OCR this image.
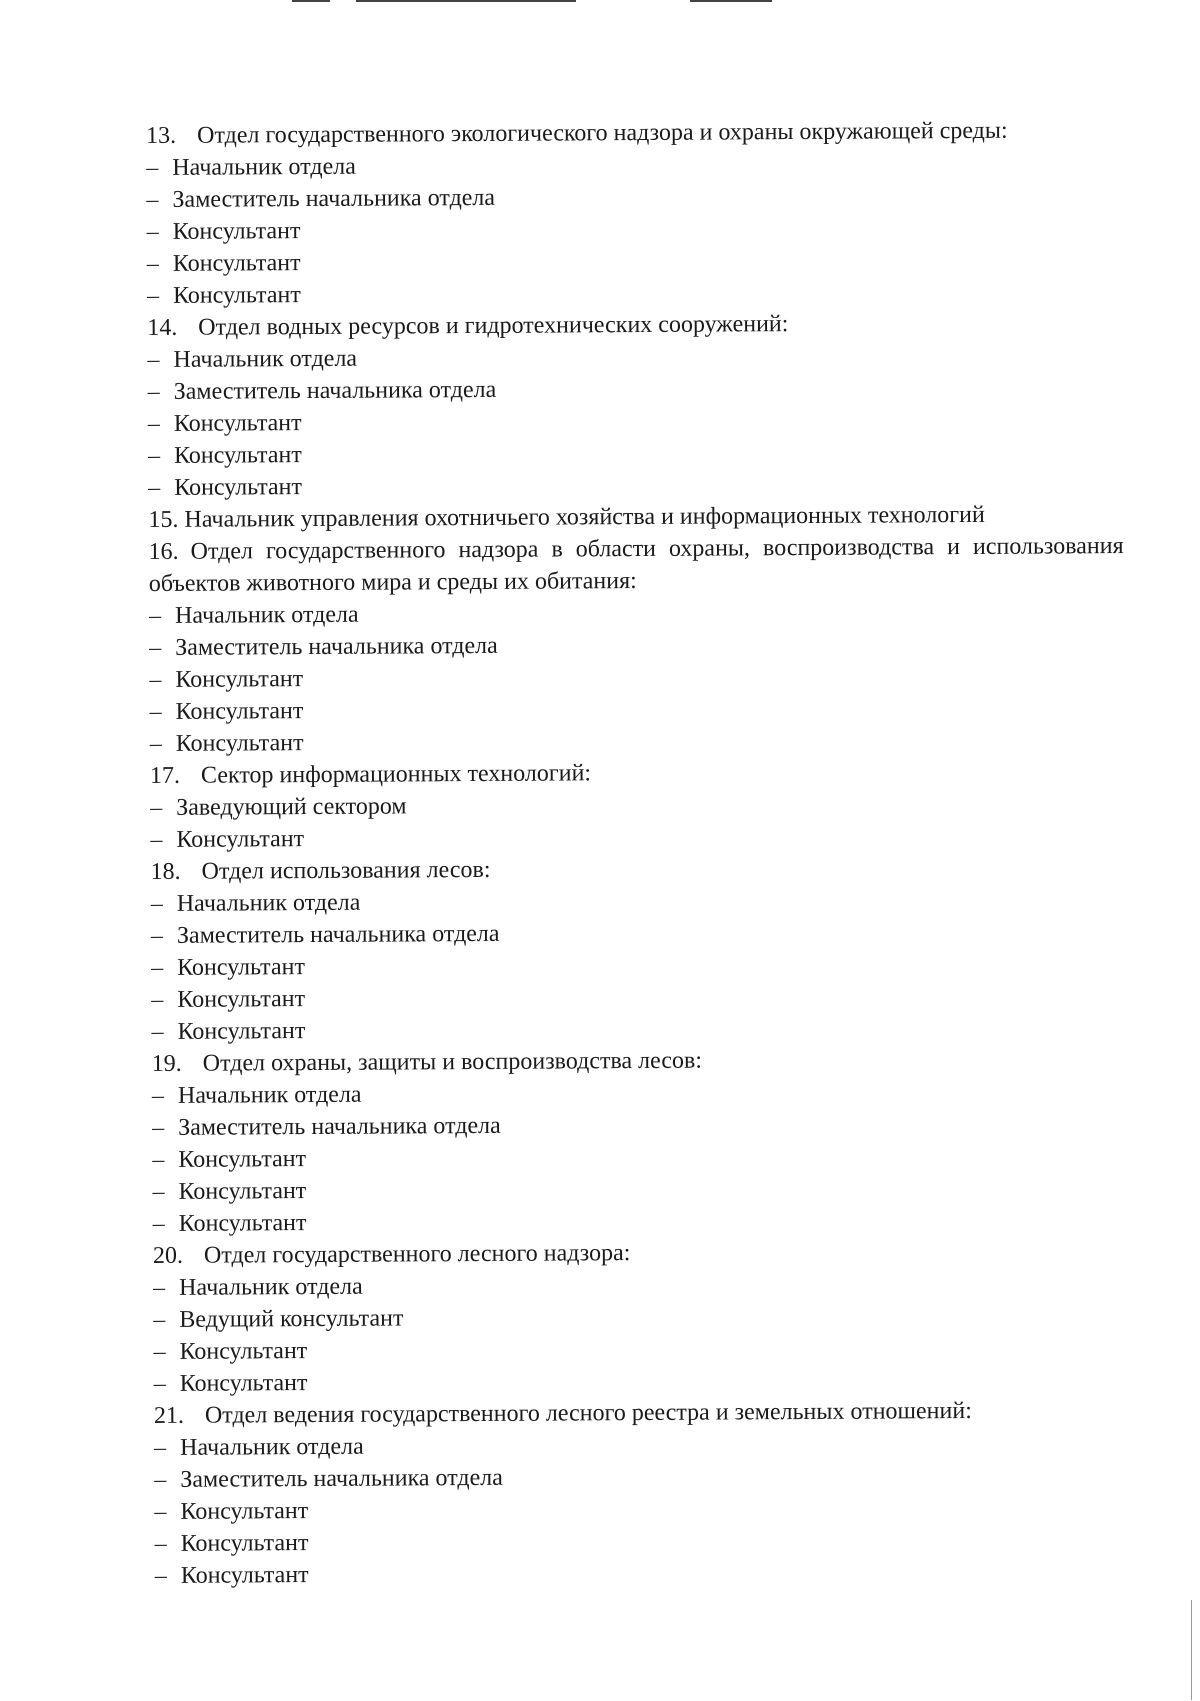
13. Отдел государственного экологического надзора и охраны окружающей среды:
– Начальник отдела
– Заместитель начальника отдела
– Консультант
– Консультант
– Консультант
14. Отдел водных ресурсов и гидротехнических сооружений:
– Начальник отдела
– Заместитель начальника отдела
– Консультант
– Консультант
– Консультант
15. Начальник управления охотничьего хозяйства и информационных технологий
16. Отдел государственного надзора в области охраны, воспроизводства и использования объектов животного мира и среды их обитания:
– Начальник отдела
– Заместитель начальника отдела
– Консультант
– Консультант
– Консультант
17. Сектор информационных технологий:
– Заведующий сектором
– Консультант
18. Отдел использования лесов:
– Начальник отдела
– Заместитель начальника отдела
– Консультант
– Консультант
– Консультант
19. Отдел охраны, защиты и воспроизводства лесов:
– Начальник отдела
– Заместитель начальника отдела
– Консультант
– Консультант
– Консультант
20. Отдел государственного лесного надзора:
– Начальник отдела
– Ведущий консультант
– Консультант
– Консультант
21. Отдел ведения государственного лесного реестра и земельных отношений:
– Начальник отдела
– Заместитель начальника отдела
– Консультант
– Консультант
– Консультант
